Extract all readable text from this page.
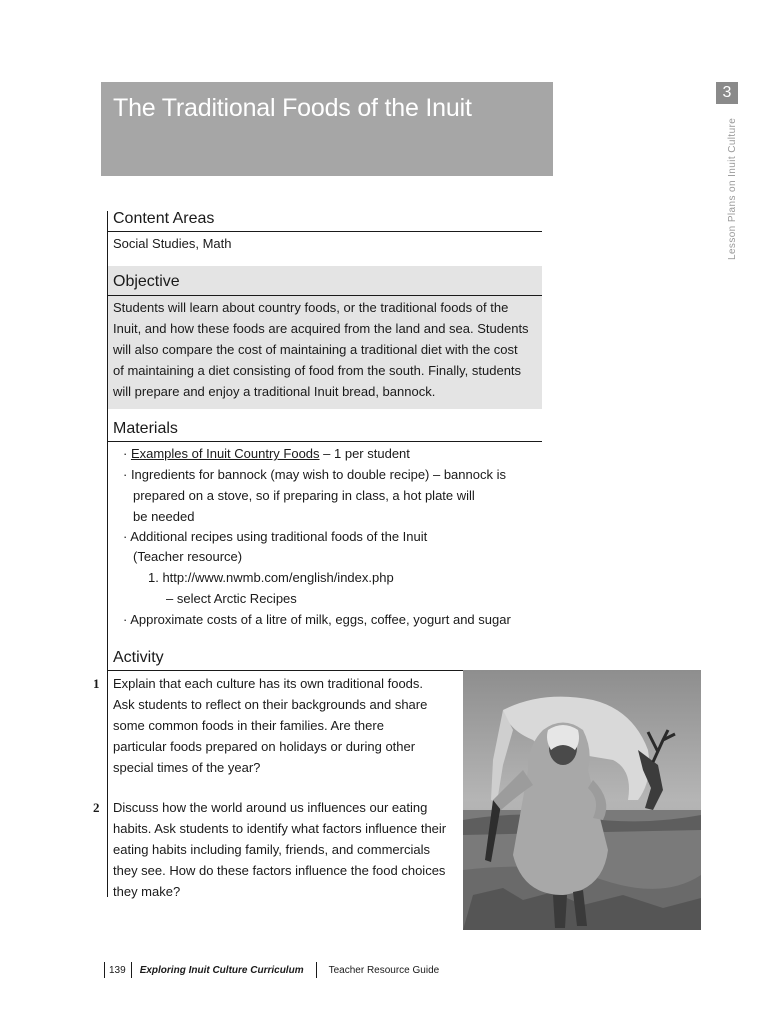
The Traditional Foods of the Inuit
3
Lesson Plans on Inuit Culture
Content Areas
Social Studies, Math
Objective
Students will learn about country foods, or the traditional foods of the
Inuit, and how these foods are acquired from the land and sea. Students
will also compare the cost of maintaining a traditional diet with the cost
of maintaining a diet consisting of food from the south. Finally, students
will prepare and enjoy a traditional Inuit bread, bannock.
Materials
· Examples of Inuit Country Foods – 1 per student
· Ingredients for bannock (may wish to double recipe) – bannock is
prepared on a stove, so if preparing in class, a hot plate will
be needed
· Additional recipes using traditional foods of the Inuit
(Teacher resource)
1. http://www.nwmb.com/english/index.php
– select Arctic Recipes
· Approximate costs of a litre of milk, eggs, coffee, yogurt and sugar
Activity
1 Explain that each culture has its own traditional foods.
Ask students to reflect on their backgrounds and share
some common foods in their families. Are there
particular foods prepared on holidays or during other
special times of the year?
2 Discuss how the world around us influences our eating
habits. Ask students to identify what factors influence their
eating habits including family, friends, and commercials
they see. How do these factors influence the food choices
they make?
139 Exploring Inuit Culture Curriculum	Teacher Resource Guide
